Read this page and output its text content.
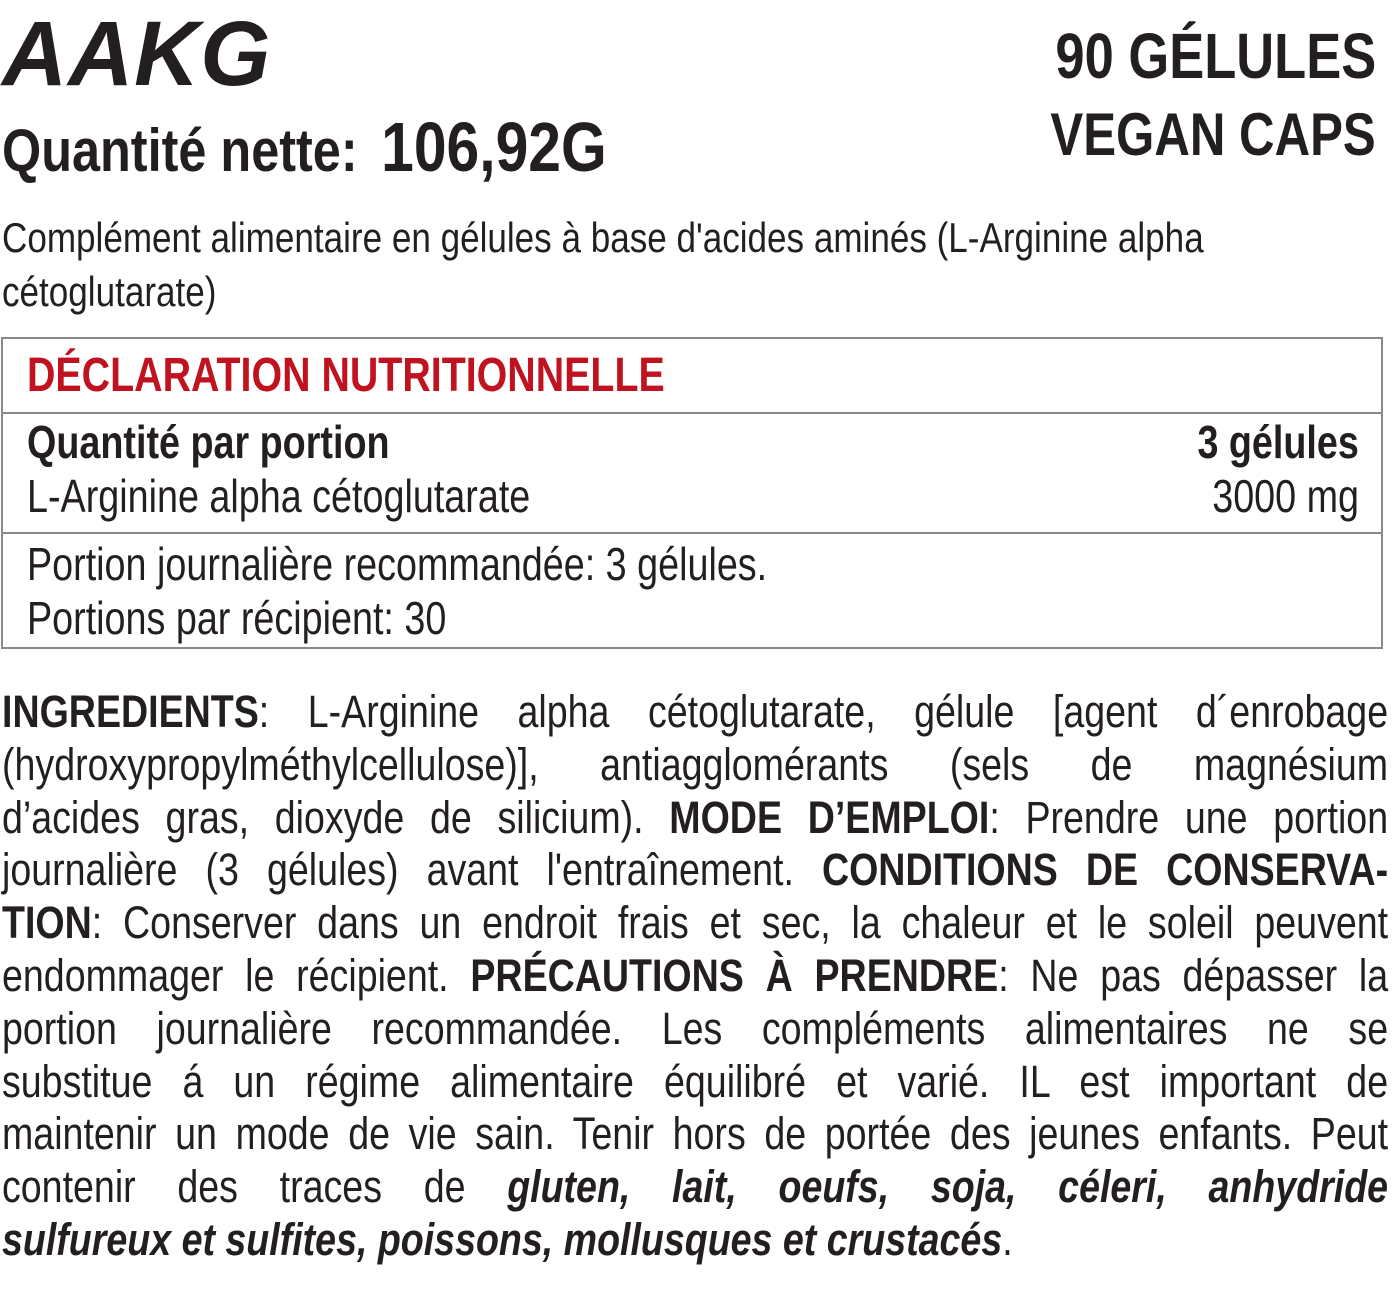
AAKG
Quantité nette: 106,92G
90 GÉLULES
VEGAN CAPS
Complément alimentaire en gélules à base d'acides aminés (L-Arginine alpha
cétoglutarate)
DÉCLARATION NUTRITIONNELLE
Quantité par portion	3 gélules
L-Arginine alpha cétoglutarate	3000 mg
Portion journalière recommandée: 3 gélules.
Portions par récipient: 30
INGREDIENTS: L-Arginine alpha cétoglutarate, gélule [agent d´enrobage
(hydroxypropylméthylcellulose)], antiagglomérants (sels de magnésium
d’acides gras, dioxyde de silicium). MODE D’EMPLOI: Prendre une portion
journalière (3 gélules) avant l'entraînement. CONDITIONS DE CONSERVA-
TION: Conserver dans un endroit frais et sec, la chaleur et le soleil peuvent
endommager le récipient. PRÉCAUTIONS À PRENDRE: Ne pas dépasser la
portion journalière recommandée. Les compléments alimentaires ne se
substitue á un régime alimentaire équilibré et varié. IL est important de
maintenir un mode de vie sain. Tenir hors de portée des jeunes enfants. Peut
contenir des traces de gluten, lait, oeufs, soja, céleri, anhydride
sulfureux et sulfites, poissons, mollusques et crustacés.
